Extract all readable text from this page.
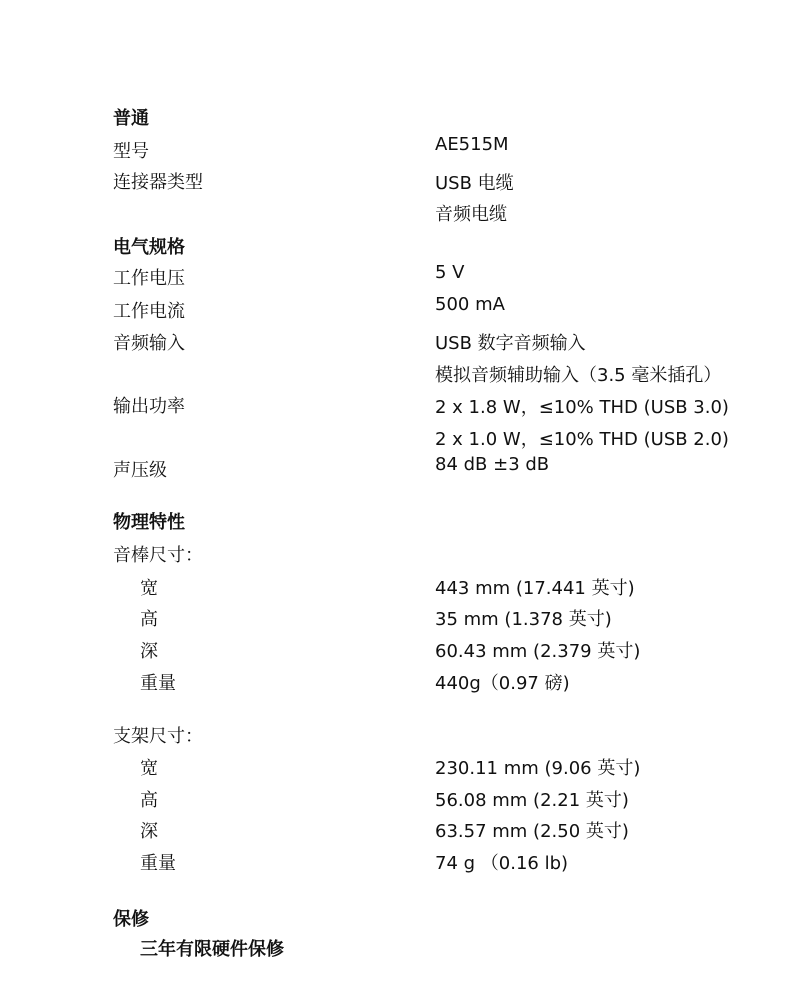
普通
型号	AE515M
连接器类型	USB 电缆
音频电缆
电气规格
工作电压	5 V
工作电流	500 mA
音频输入	USB 数字音频输入
模拟音频辅助输入（3.5 毫米插孔）
输出功率	2 x 1.8 W，≤10% THD (USB 3.0)
2 x 1.0 W，≤10% THD (USB 2.0)
声压级	84 dB ±3 dB
物理特性
音棒尺寸：
宽	443 mm (17.441 英寸)
高	35 mm (1.378 英寸)
深	60.43 mm (2.379 英寸)
重量	440g（0.97 磅)
支架尺寸：
宽	230.11 mm (9.06 英寸)
高	56.08 mm (2.21 英寸)
深	63.57 mm (2.50 英寸)
重量	74 g （0.16 lb)
保修
三年有限硬件保修
